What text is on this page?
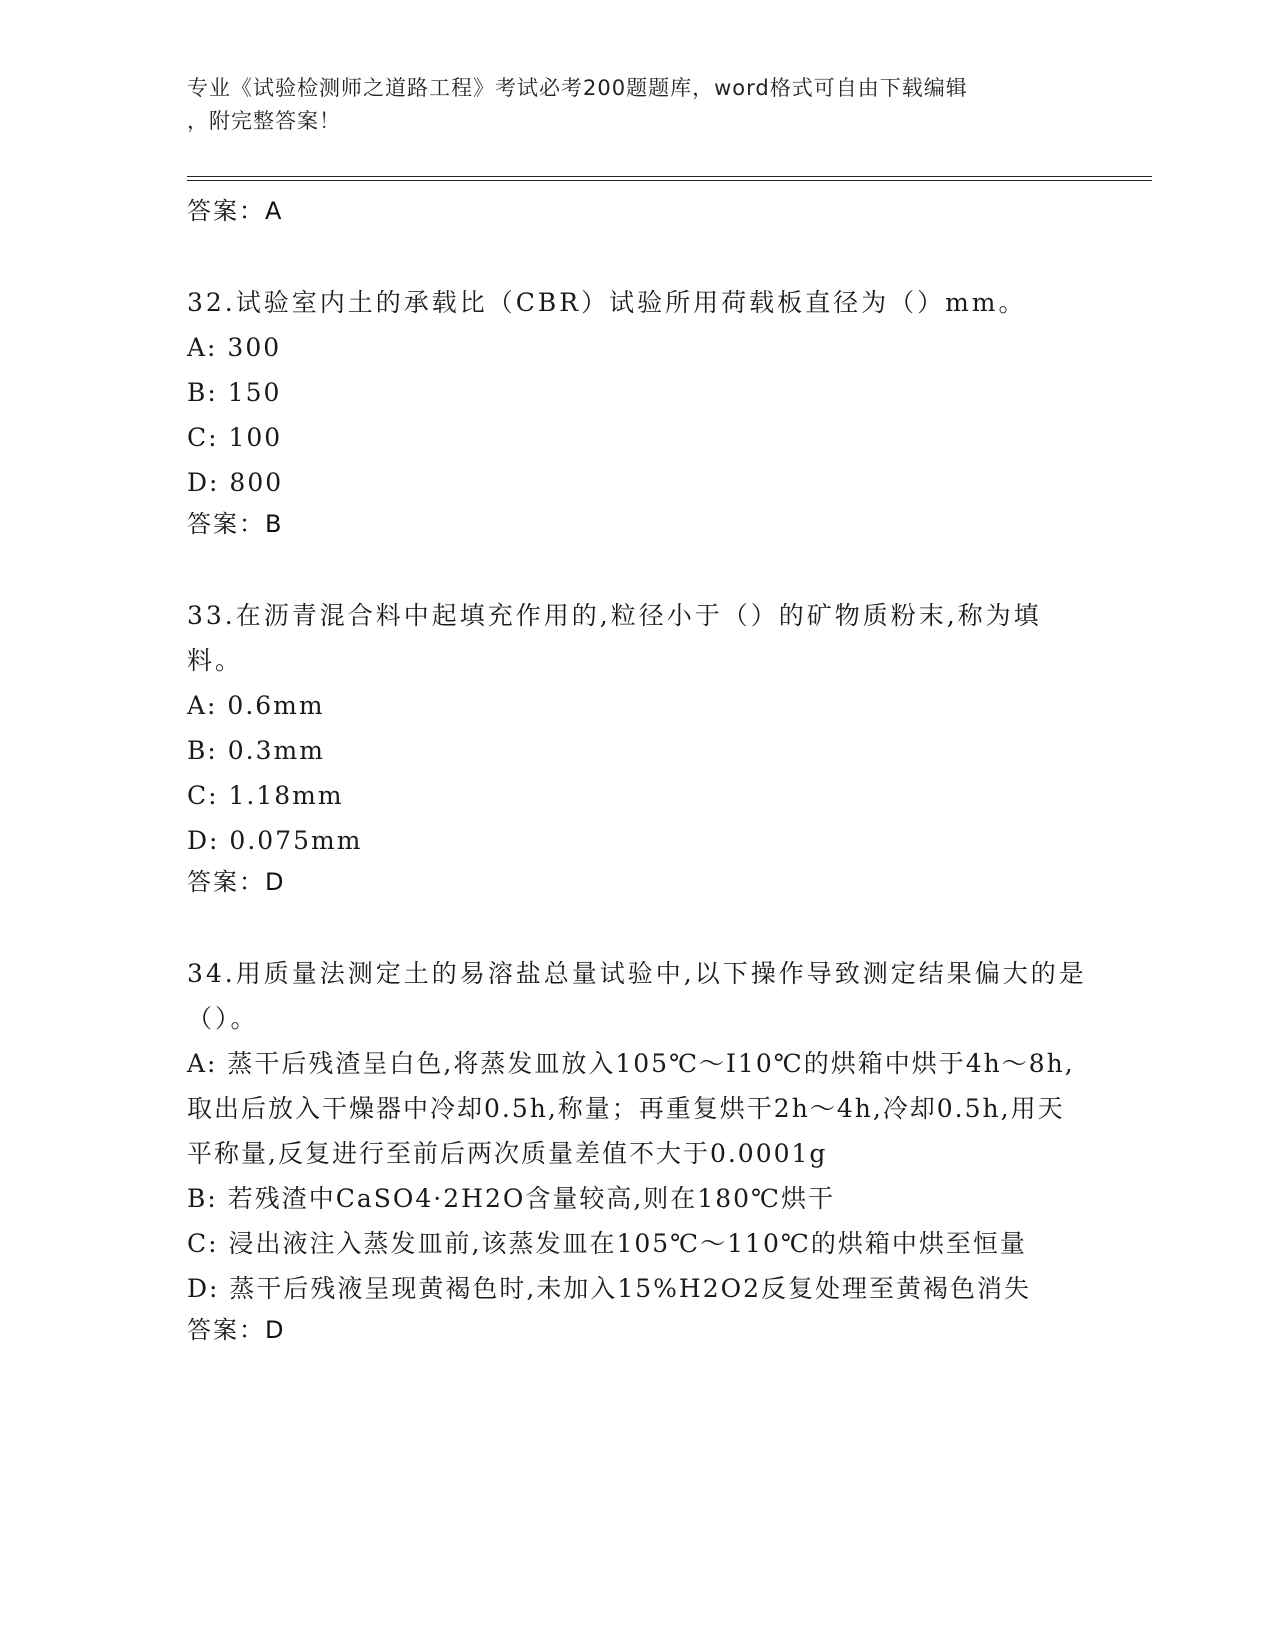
专业《试验检测师之道路工程》考试必考200题题库，word格式可自由下载编辑
，附完整答案！
答案：A
32.试验室内土的承载比（CBR）试验所用荷载板直径为（）mm。
A: 300
B: 150
C: 100
D: 800
答案：B
33.在沥青混合料中起填充作用的,粒径小于（）的矿物质粉末,称为填料。
A: 0.6mm
B: 0.3mm
C: 1.18mm
D: 0.075mm
答案：D
34.用质量法测定土的易溶盐总量试验中,以下操作导致测定结果偏大的是（）。
A: 蒸干后残渣呈白色,将蒸发皿放入105℃～I10℃的烘箱中烘于4h～8h,取出后放入干燥器中冷却0.5h,称量；再重复烘干2h～4h,冷却0.5h,用天平称量,反复进行至前后两次质量差值不大于0.0001g
B: 若残渣中CaSO4·2H2O含量较高,则在180℃烘干
C: 浸出液注入蒸发皿前,该蒸发皿在105℃～110℃的烘箱中烘至恒量
D: 蒸干后残液呈现黄褐色时,未加入15%H2O2反复处理至黄褐色消失
答案：D
